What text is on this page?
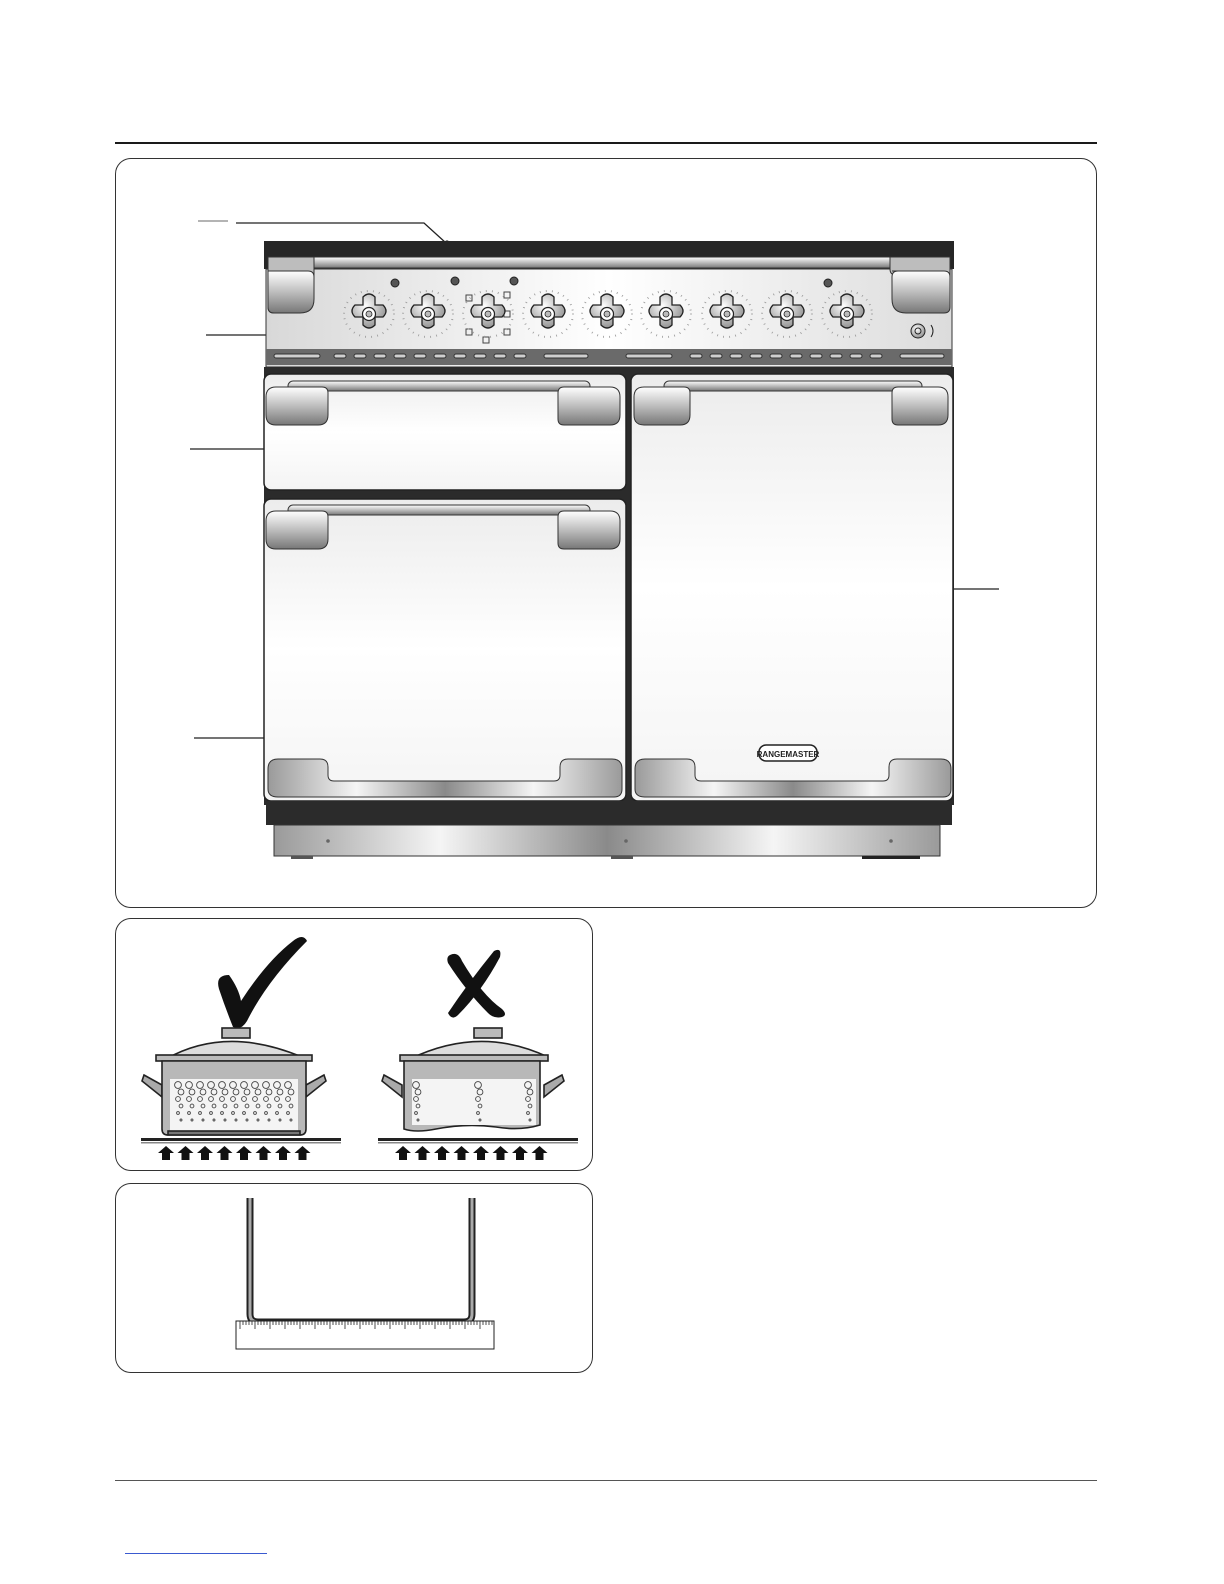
RANGEMASTER
